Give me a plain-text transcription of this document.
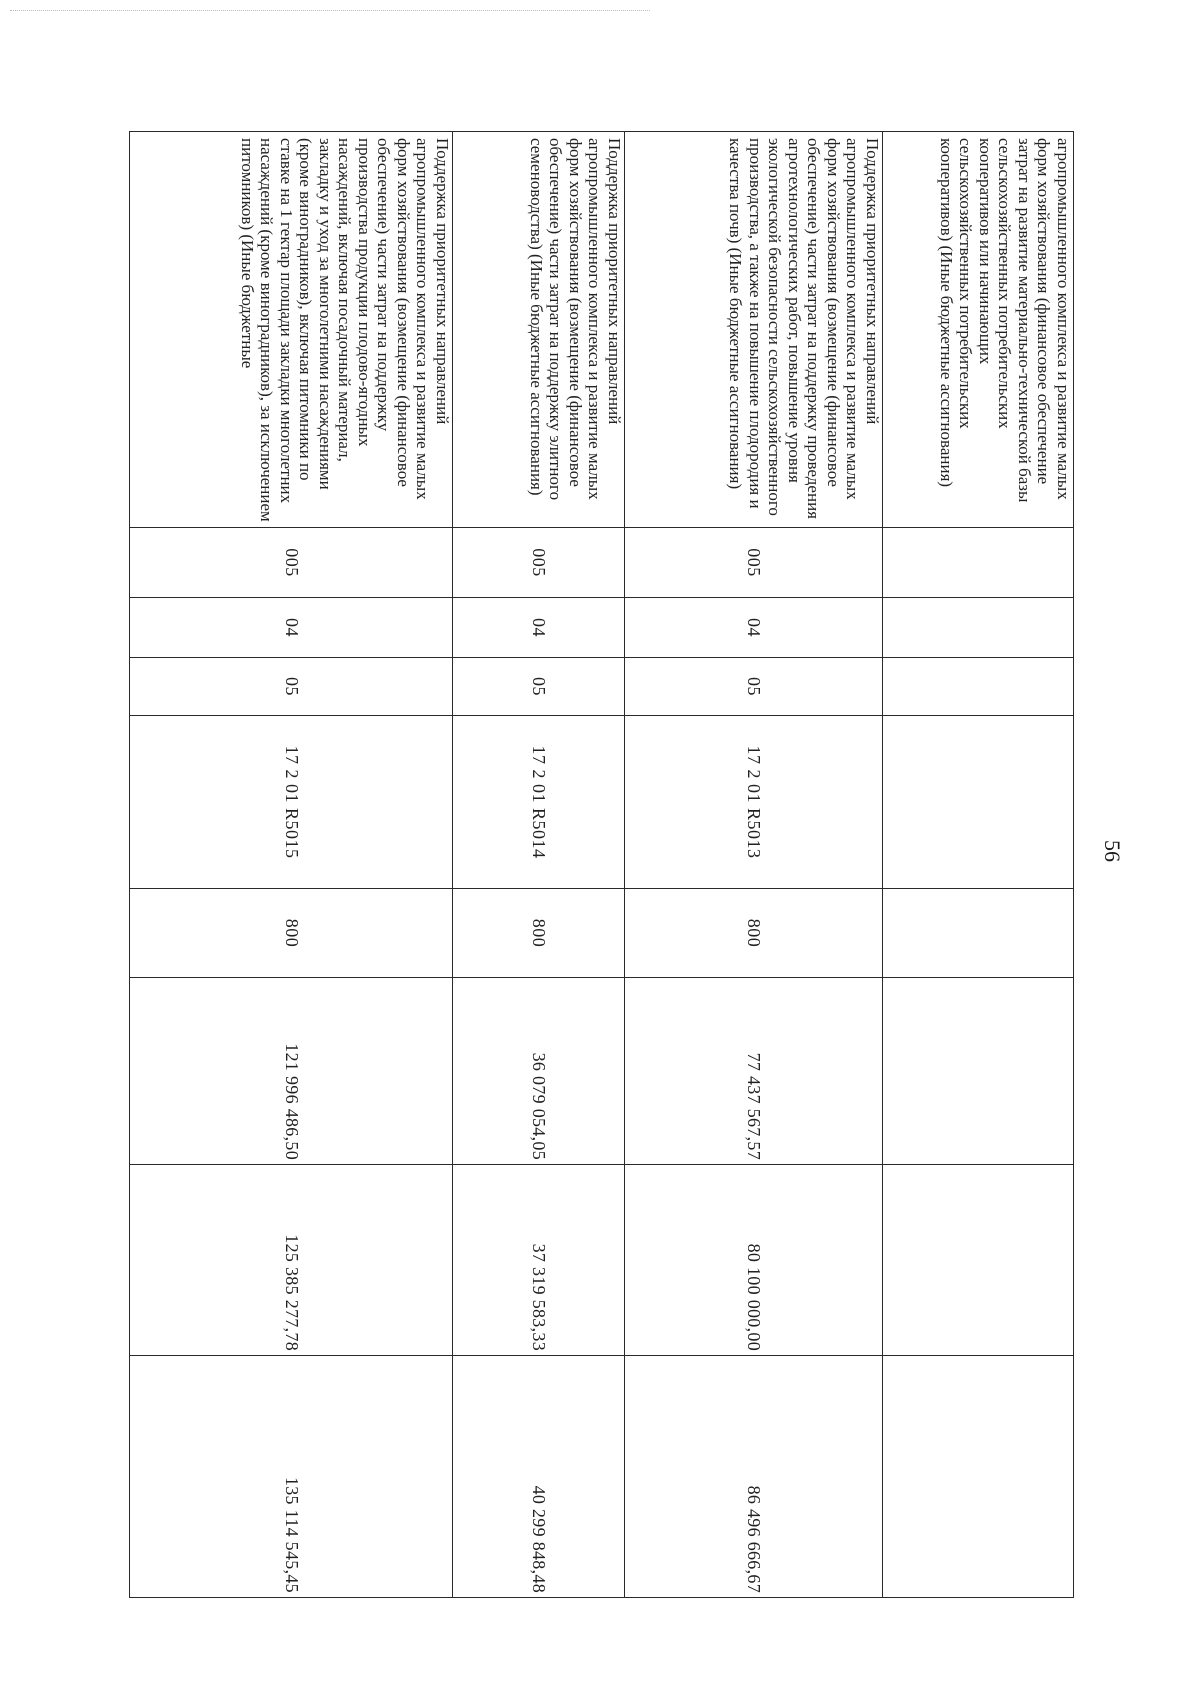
56
агропромышленного комплекса и развитие малых форм хозяйствования (финансовое обеспечение затрат на развитие материально-технической базы сельскохозяйственных потребительских кооперативов или начинающих сельскохозяйственных потребительских кооперативов) (Иные бюджетные ассигнования)								
Поддержка приоритетных направлений агропромышленного комплекса и развитие малых форм хозяйствования (возмещение (финансовое обеспечение) части затрат на поддержку проведения агротехнологических работ, повышение уровня экологической безопасности сельскохозяйственного производства, а также на повышение плодородия и качества почв) (Иные бюджетные ассигнования)	005	04	05	17 2 01 R5013	800	77 437 567,57	80 100 000,00	86 496 666,67
Поддержка приоритетных направлений агропромышленного комплекса и развитие малых форм хозяйствования (возмещение (финансовое обеспечение) части затрат на поддержку элитного семеноводства) (Иные бюджетные ассигнования)	005	04	05	17 2 01 R5014	800	36 079 054,05	37 319 583,33	40 299 848,48
Поддержка приоритетных направлений агропромышленного комплекса и развитие малых форм хозяйствования (возмещение (финансовое обеспечение) части затрат на поддержку производства продукции плодово-ягодных насаждений, включая посадочный материал, закладку и уход за многолетними насаждениями (кроме виноградников), включая питомники по ставке на 1 гектар площади закладки многолетних насаждений (кроме виноградников), за исключением питомников) (Иные бюджетные	005	04	05	17 2 01 R5015	800	121 996 486,50	125 385 277,78	135 114 545,45
